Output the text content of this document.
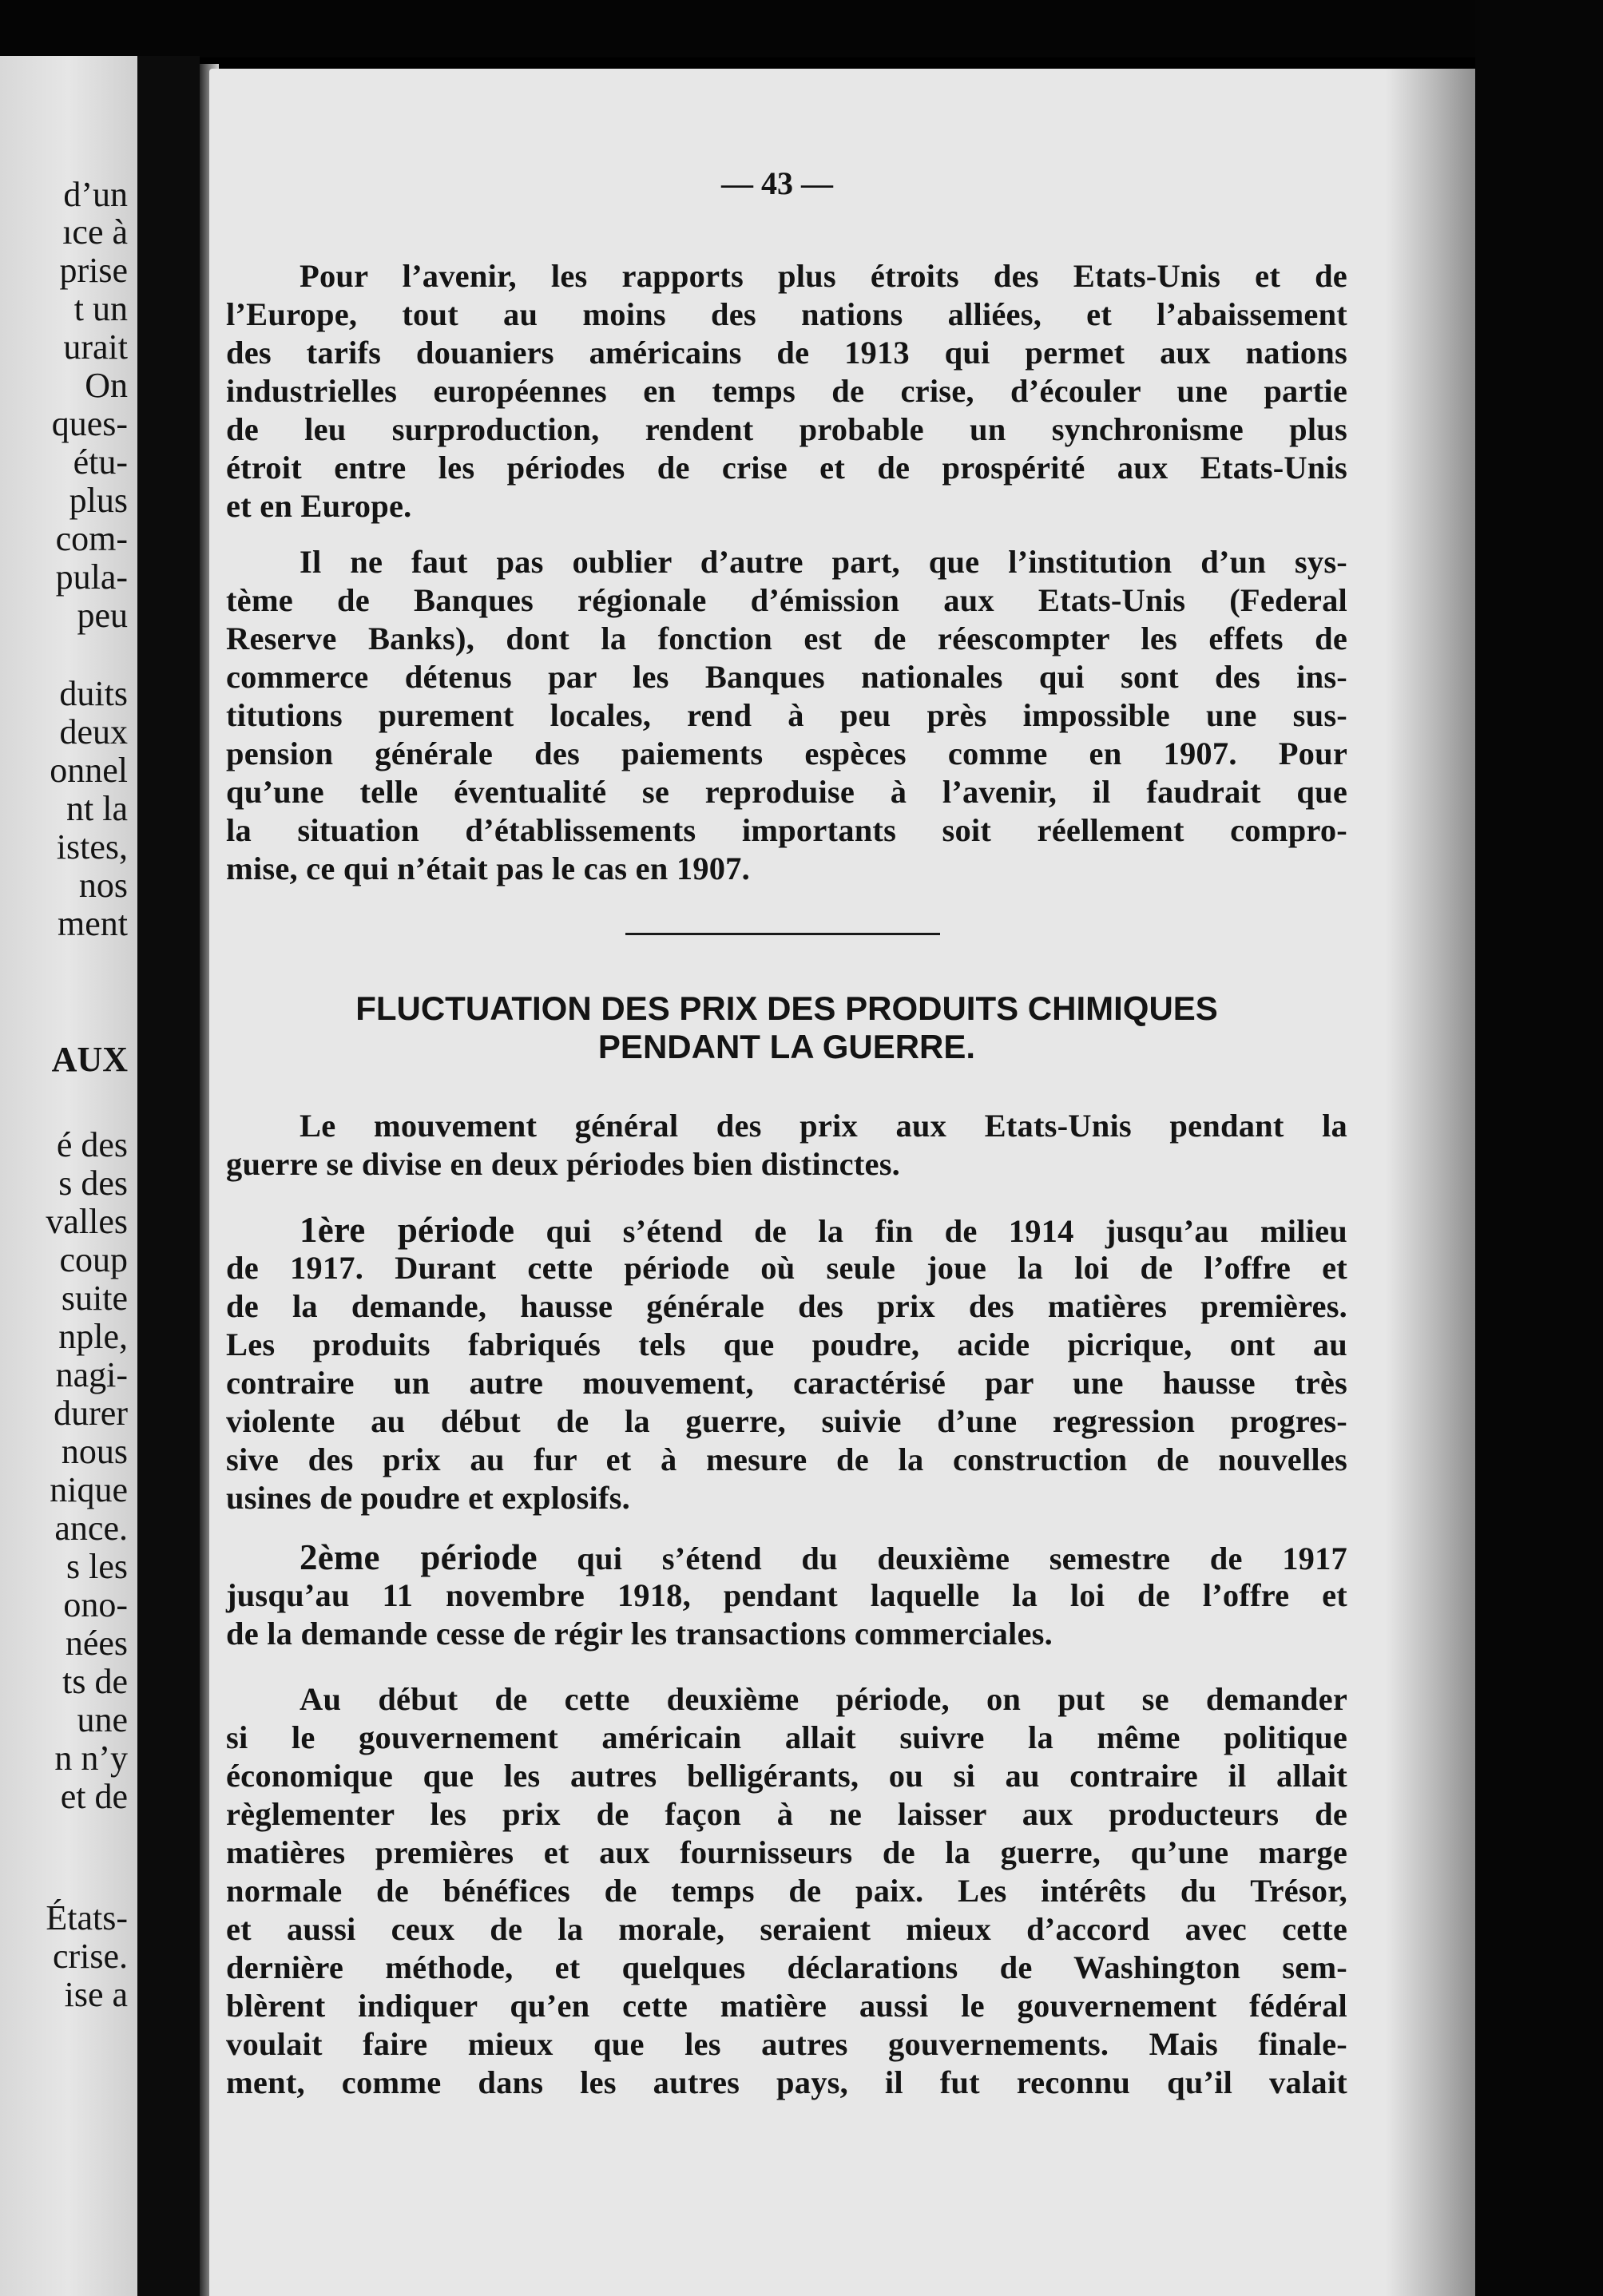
d’un
ıce à
prise
t un
urait
On
ques-
étu-
plus
com-
pula-
peu
duits
deux
onnel
nt la
istes,
nos
ment
AUX
é des
s des
valles
coup
suite
nple,
nagi-
durer
nous
nique
ance.
s les
ono-
nées
ts de
une
n n’y
et de
États-
crise.
ise a
— 43 —
Pour l’avenir, les rapports plus étroits des Etats-Unis et de
l’Europe, tout au moins des nations alliées, et l’abaissement
des tarifs douaniers américains de 1913 qui permet aux nations
industrielles européennes en temps de crise, d’écouler une partie
de leu surproduction, rendent probable un synchronisme plus
étroit entre les périodes de crise et de prospérité aux Etats-Unis
et en Europe.
Il ne faut pas oublier d’autre part, que l’institution d’un sys-
tème de Banques régionale d’émission aux Etats-Unis (Federal
Reserve Banks), dont la fonction est de réescompter les effets de
commerce détenus par les Banques nationales qui sont des ins-
titutions purement locales, rend à peu près impossible une sus-
pension générale des paiements espèces comme en 1907. Pour
qu’une telle éventualité se reproduise à l’avenir, il faudrait que
la situation d’établissements importants soit réellement compro-
mise, ce qui n’était pas le cas en 1907.
FLUCTUATION DES PRIX DES PRODUITS CHIMIQUES
PENDANT LA GUERRE.
Le mouvement général des prix aux Etats-Unis pendant la
guerre se divise en deux périodes bien distinctes.
1ère période qui s’étend de la fin de 1914 jusqu’au milieu
de 1917. Durant cette période où seule joue la loi de l’offre et
de la demande, hausse générale des prix des matières premières.
Les produits fabriqués tels que poudre, acide picrique, ont au
contraire un autre mouvement, caractérisé par une hausse très
violente au début de la guerre, suivie d’une regression progres-
sive des prix au fur et à mesure de la construction de nouvelles
usines de poudre et explosifs.
2ème période qui s’étend du deuxième semestre de 1917
jusqu’au 11 novembre 1918, pendant laquelle la loi de l’offre et
de la demande cesse de régir les transactions commerciales.
Au début de cette deuxième période, on put se demander
si le gouvernement américain allait suivre la même politique
économique que les autres belligérants, ou si au contraire il allait
règlementer les prix de façon à ne laisser aux producteurs de
matières premières et aux fournisseurs de la guerre, qu’une marge
normale de bénéfices de temps de paix. Les intérêts du Trésor,
et aussi ceux de la morale, seraient mieux d’accord avec cette
dernière méthode, et quelques déclarations de Washington sem-
blèrent indiquer qu’en cette matière aussi le gouvernement fédéral
voulait faire mieux que les autres gouvernements. Mais finale-
ment, comme dans les autres pays, il fut reconnu qu’il valait
